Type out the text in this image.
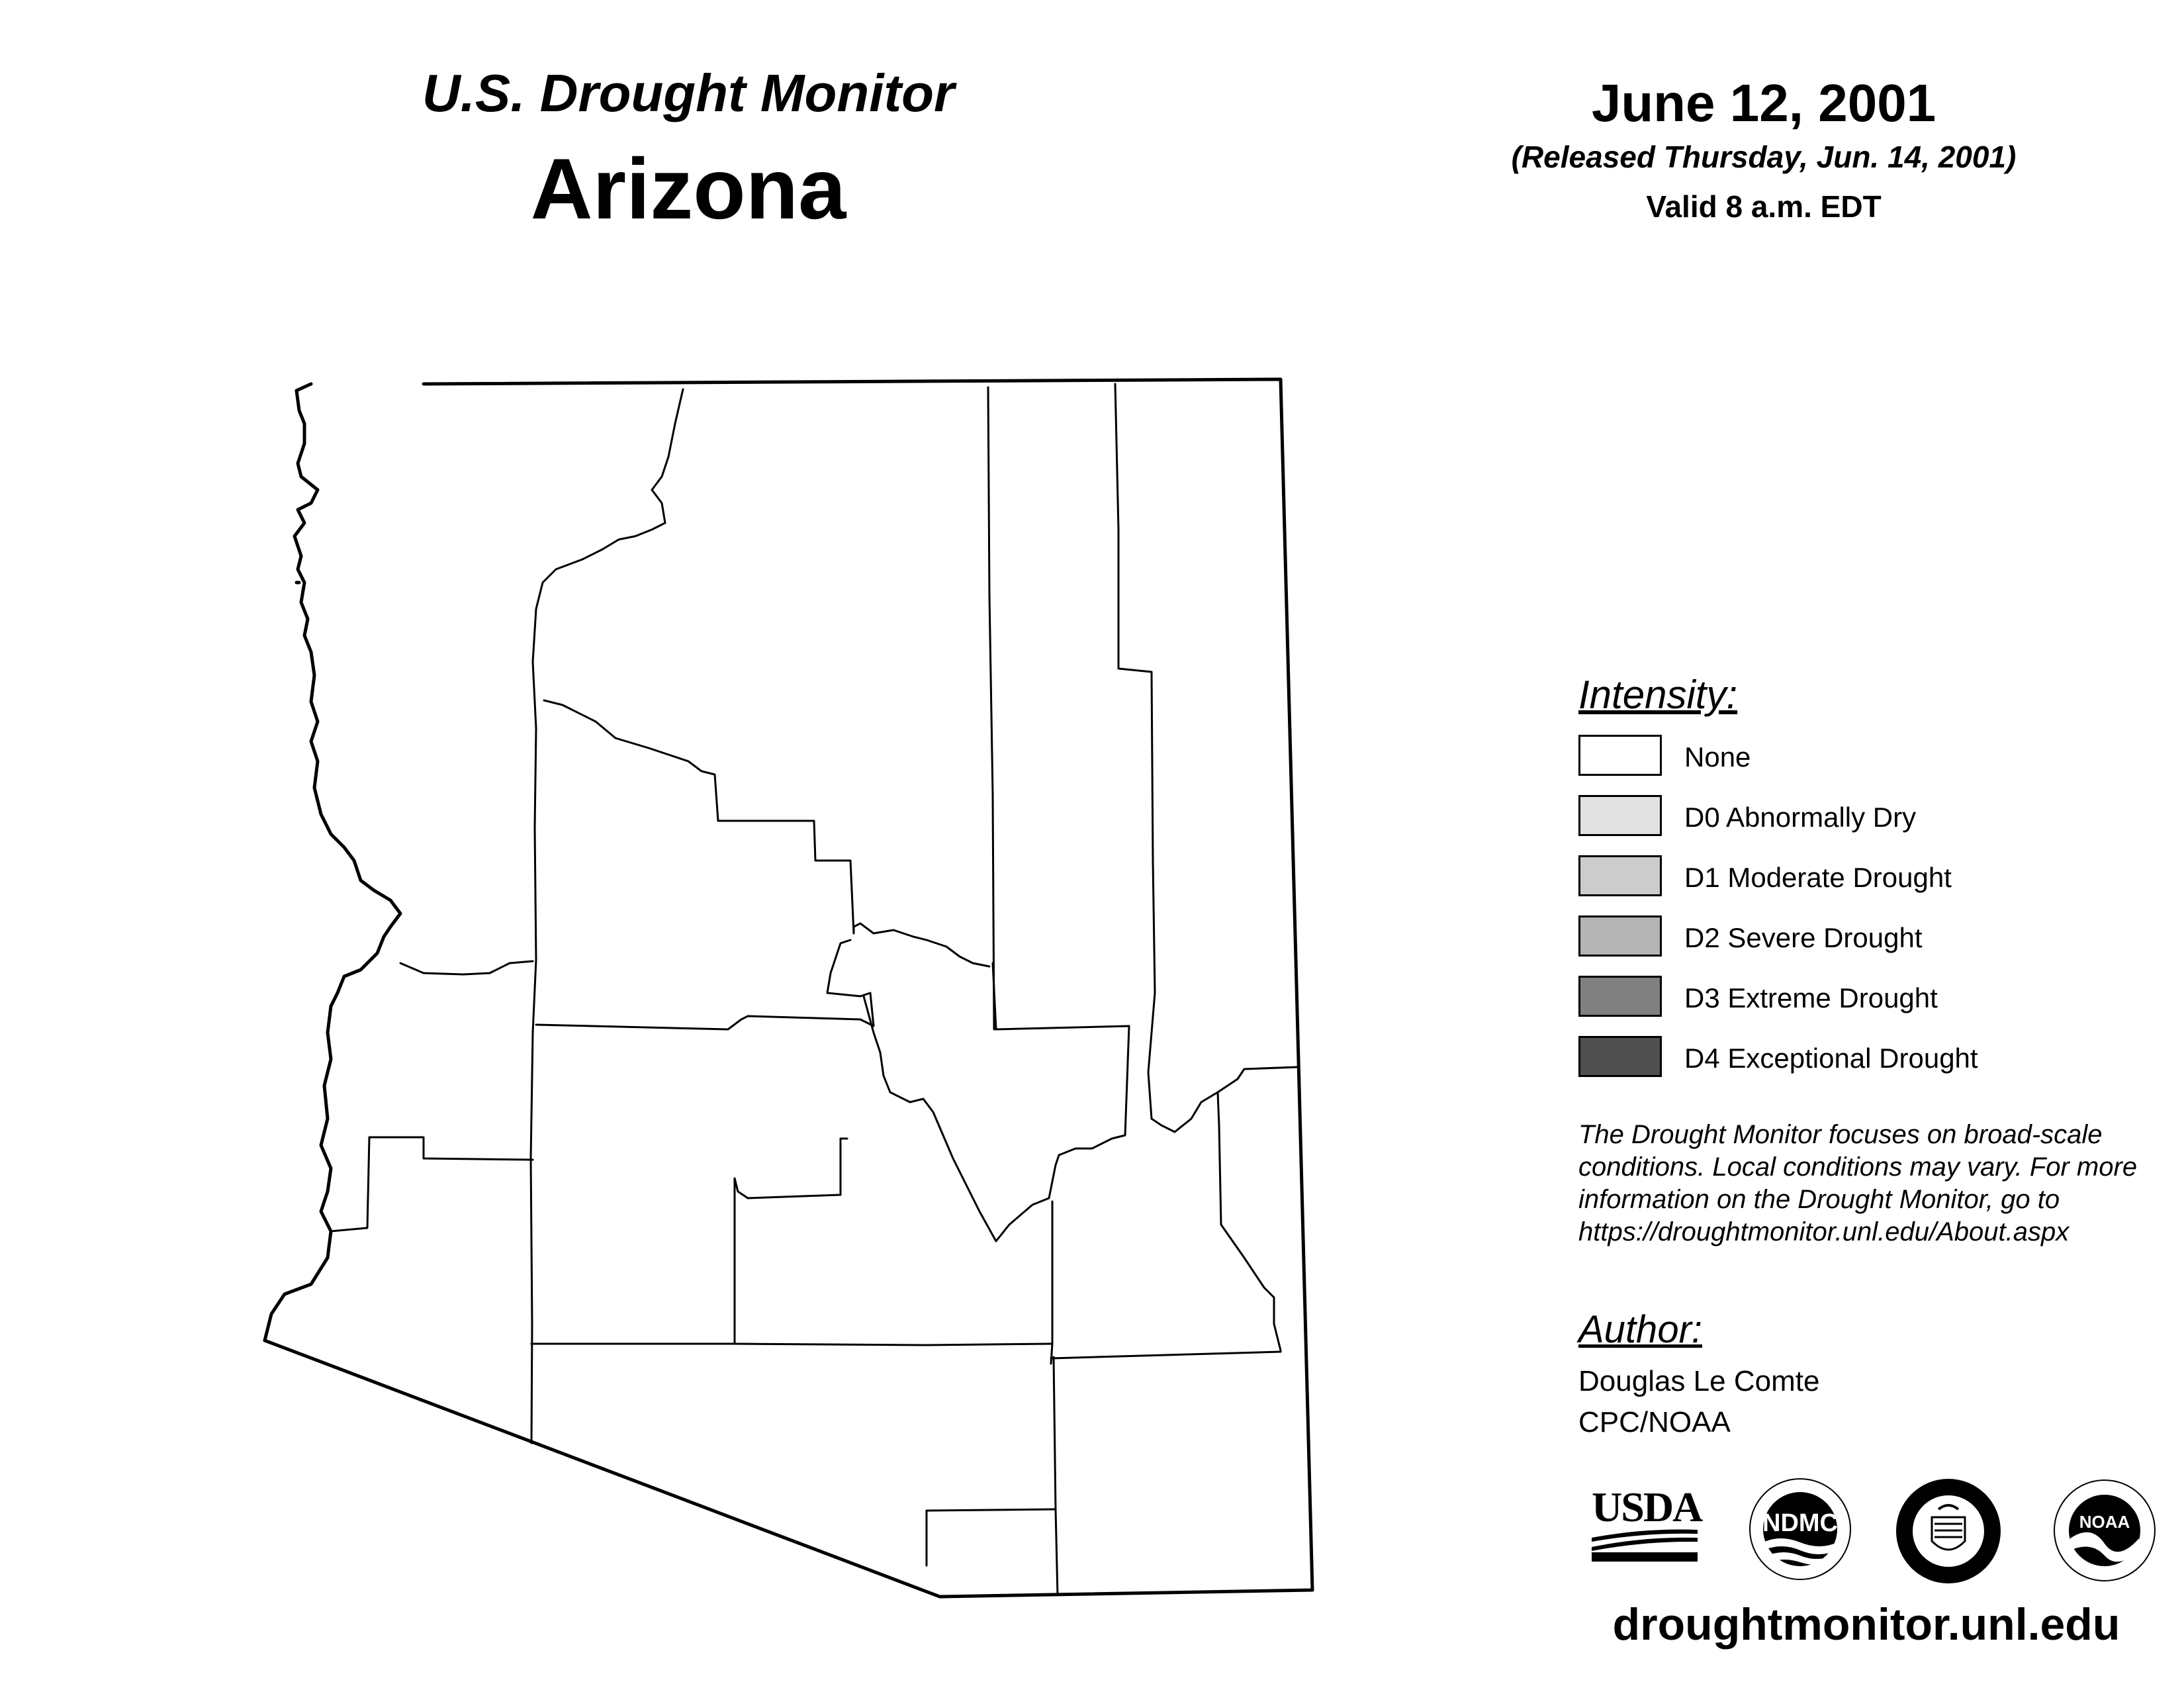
U.S. Drought Monitor
Arizona
June 12, 2001
(Released Thursday, Jun. 14, 2001)
Valid 8 a.m. EDT
Intensity:
None
D0 Abnormally Dry
D1 Moderate Drought
D2 Severe Drought
D3 Extreme Drought
D4 Exceptional Drought
The Drought Monitor focuses on broad-scale conditions. Local conditions may vary. For more information on the Drought Monitor, go to https://droughtmonitor.unl.edu/About.aspx
Author:
Douglas Le Comte
CPC/NOAA
USDA	NDMC	NOAA
droughtmonitor.unl.edu
